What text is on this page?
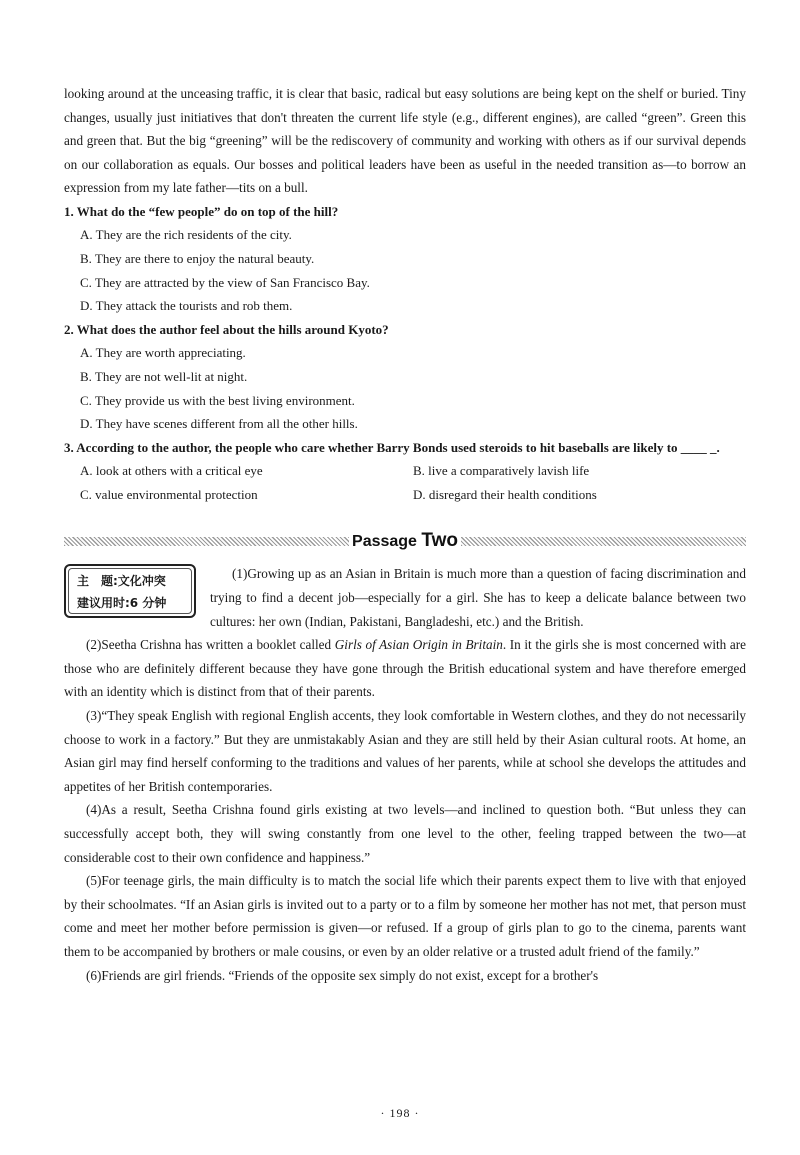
looking around at the unceasing traffic, it is clear that basic, radical but easy solutions are being kept on the shelf or buried. Tiny changes, usually just initiatives that don't threaten the current life style (e.g., different engines), are called “green”. Green this and green that. But the big “greening” will be the rediscovery of community and working with others as if our survival depends on our collaboration as equals. Our bosses and political leaders have been as useful in the needed transition as—to borrow an expression from my late father—tits on a bull.

1. What do the “few people” do on top of the hill?

A. They are the rich residents of the city.
B. They are there to enjoy the natural beauty.
C. They are attracted by the view of San Francisco Bay.
D. They attack the tourists and rob them.

2. What does the author feel about the hills around Kyoto?

A. They are worth appreciating.
B. They are not well-lit at night.
C. They provide us with the best living environment.
D. They have scenes different from all the other hills.

3. According to the author, the people who care whether Barry Bonds used steroids to hit baseballs are likely to ____ _.

A. look at others with a critical eye	B. live a comparatively lavish life
C. value environmental protection	D. disregard their health conditions
Passage Two
主　题:文化冲突
建议用时:6 分钟

(1)Growing up as an Asian in Britain is much more than a question of facing discrimination and trying to find a decent job—especially for a girl. She has to keep a delicate balance between two cultures: her own (Indian, Pakistani, Bangladeshi, etc.) and the British.

(2)Seetha Crishna has written a booklet called Girls of Asian Origin in Britain. In it the girls she is most concerned with are those who are definitely different because they have gone through the British educational system and have therefore emerged with an identity which is distinct from that of their parents.

(3)“They speak English with regional English accents, they look comfortable in Western clothes, and they do not necessarily choose to work in a factory.” But they are unmistakably Asian and they are still held by their Asian cultural roots. At home, an Asian girl may find herself conforming to the traditions and values of her parents, while at school she develops the attitudes and appetites of her British contemporaries.

(4)As a result, Seetha Crishna found girls existing at two levels—and inclined to question both. “But unless they can successfully accept both, they will swing constantly from one level to the other, feeling trapped between the two—at considerable cost to their own confidence and happiness.”

(5)For teenage girls, the main difficulty is to match the social life which their parents expect them to live with that enjoyed by their schoolmates. “If an Asian girls is invited out to a party or to a film by someone her mother has not met, that person must come and meet her mother before permission is given—or refused. If a group of girls plan to go to the cinema, parents want them to be accompanied by brothers or male cousins, or even by an older relative or a trusted adult friend of the family.”

(6)Friends are girl friends. “Friends of the opposite sex simply do not exist, except for a brother's

· 198 ·
